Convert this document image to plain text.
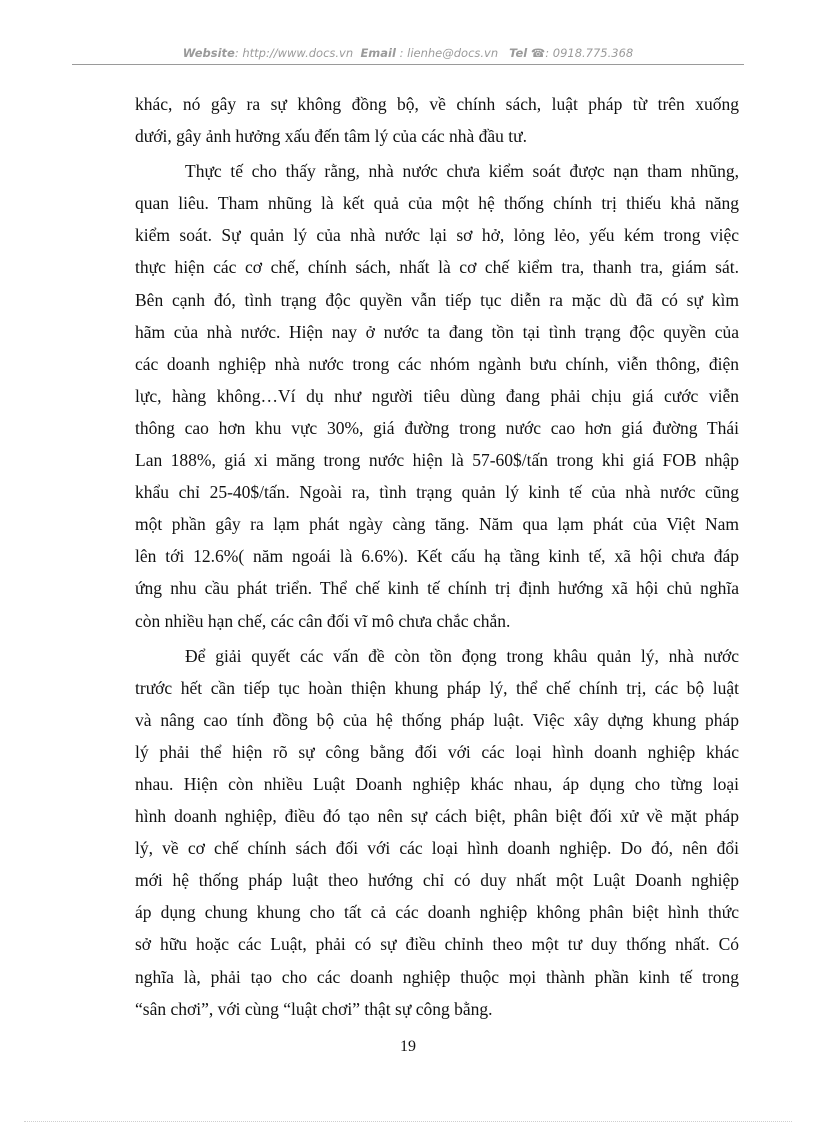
Website: http://www.docs.vn Email : lienhe@docs.vn Tel ☎: 0918.775.368
khác, nó gây ra sự không đồng bộ, về chính sách, luật pháp từ trên xuống
dưới, gây ảnh hưởng xấu đến tâm lý của các nhà đầu tư.
Thực tế cho thấy rằng, nhà nước chưa kiểm soát được nạn tham nhũng,
quan liêu. Tham nhũng là kết quả của một hệ thống chính trị thiếu khả năng
kiểm soát. Sự quản lý của nhà nước lại sơ hở, lỏng lẻo, yếu kém trong việc
thực hiện các cơ chế, chính sách, nhất là cơ chế kiểm tra, thanh tra, giám sát.
Bên cạnh đó, tình trạng độc quyền vẫn tiếp tục diễn ra mặc dù đã có sự kìm
hãm của nhà nước. Hiện nay ở nước ta đang tồn tại tình trạng độc quyền của
các doanh nghiệp nhà nước trong các nhóm ngành bưu chính, viễn thông, điện
lực, hàng không…Ví dụ như người tiêu dùng đang phải chịu giá cước viễn
thông cao hơn khu vực 30%, giá đường trong nước cao hơn giá đường Thái
Lan 188%, giá xi măng trong nước hiện là 57-60$/tấn trong khi giá FOB nhập
khẩu chỉ 25-40$/tấn. Ngoài ra, tình trạng quản lý kinh tế của nhà nước cũng
một phần gây ra lạm phát ngày càng tăng. Năm qua lạm phát của Việt Nam
lên tới 12.6%( năm ngoái là 6.6%). Kết cấu hạ tầng kinh tế, xã hội chưa đáp
ứng nhu cầu phát triển. Thể chế kinh tế chính trị định hướng xã hội chủ nghĩa
còn nhiều hạn chế, các cân đối vĩ mô chưa chắc chắn.
Để giải quyết các vấn đề còn tồn đọng trong khâu quản lý, nhà nước
trước hết cần tiếp tục hoàn thiện khung pháp lý, thể chế chính trị, các bộ luật
và nâng cao tính đồng bộ của hệ thống pháp luật. Việc xây dựng khung pháp
lý phải thể hiện rõ sự công bằng đối với các loại hình doanh nghiệp khác
nhau. Hiện còn nhiều Luật Doanh nghiệp khác nhau, áp dụng cho từng loại
hình doanh nghiệp, điều đó tạo nên sự cách biệt, phân biệt đối xử về mặt pháp
lý, về cơ chế chính sách đối với các loại hình doanh nghiệp. Do đó, nên đổi
mới hệ thống pháp luật theo hướng chỉ có duy nhất một Luật Doanh nghiệp
áp dụng chung khung cho tất cả các doanh nghiệp không phân biệt hình thức
sở hữu hoặc các Luật, phải có sự điều chỉnh theo một tư duy thống nhất. Có
nghĩa là, phải tạo cho các doanh nghiệp thuộc mọi thành phần kinh tế trong
“sân chơi”, với cùng “luật chơi” thật sự công bằng.
19
